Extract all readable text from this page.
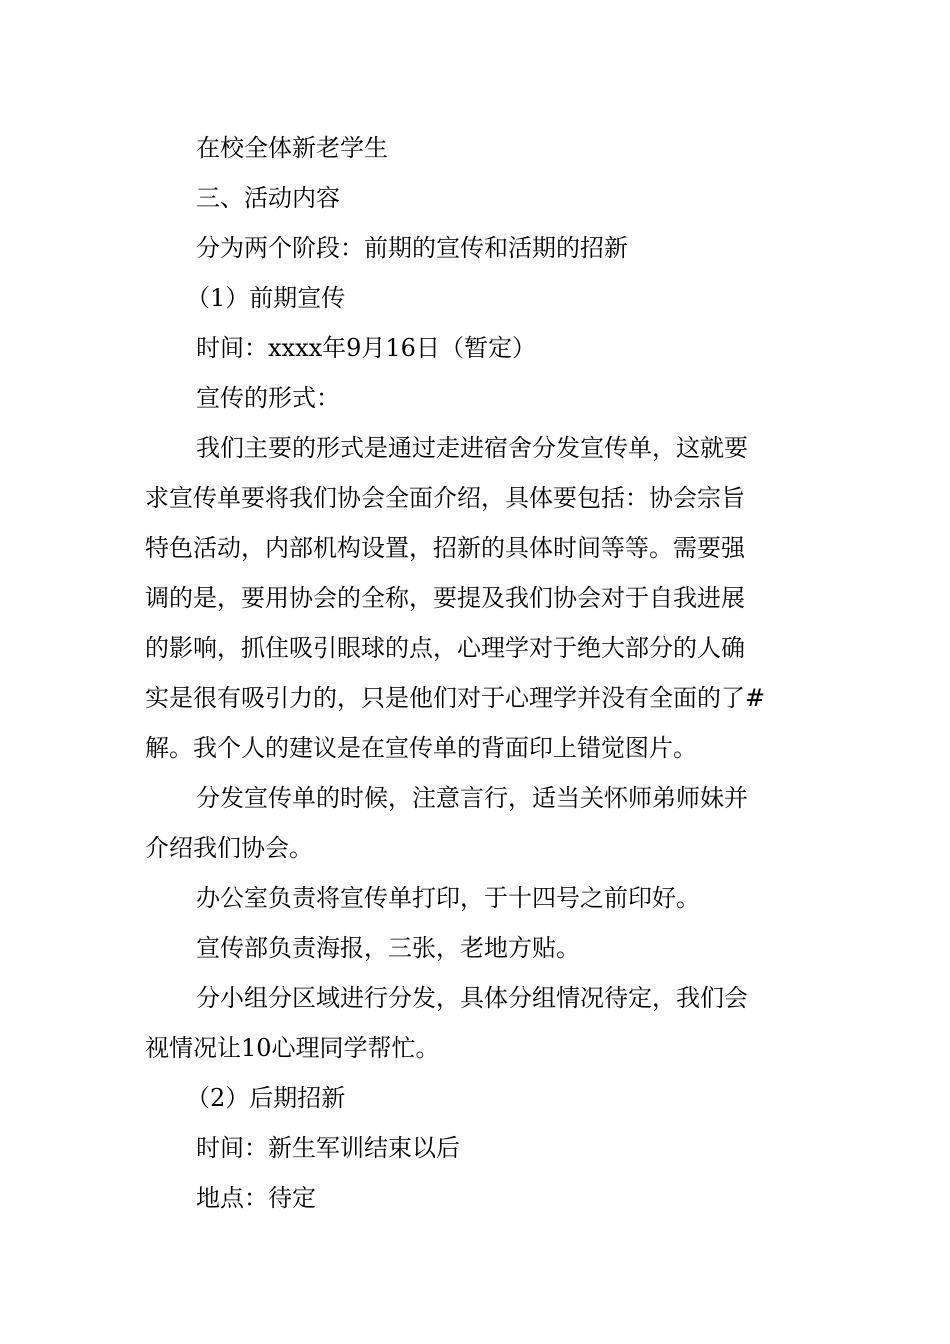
在校全体新老学生
三、活动内容
分为两个阶段：前期的宣传和活期的招新
（1）前期宣传
时间：xxxx年9月16日（暂定）
宣传的形式：
我们主要的形式是通过走进宿舍分发宣传单，这就要
求宣传单要将我们协会全面介绍，具体要包括：协会宗旨
特色活动，内部机构设置，招新的具体时间等等。需要强
调的是，要用协会的全称，要提及我们协会对于自我进展
的影响，抓住吸引眼球的点，心理学对于绝大部分的人确
实是很有吸引力的，只是他们对于心理学并没有全面的了#
解。我个人的建议是在宣传单的背面印上错觉图片。
分发宣传单的时候，注意言行，适当关怀师弟师妹并
介绍我们协会。
办公室负责将宣传单打印，于十四号之前印好。
宣传部负责海报，三张，老地方贴。
分小组分区域进行分发，具体分组情况待定，我们会
视情况让10心理同学帮忙。
（2）后期招新
时间：新生军训结束以后
地点：待定
